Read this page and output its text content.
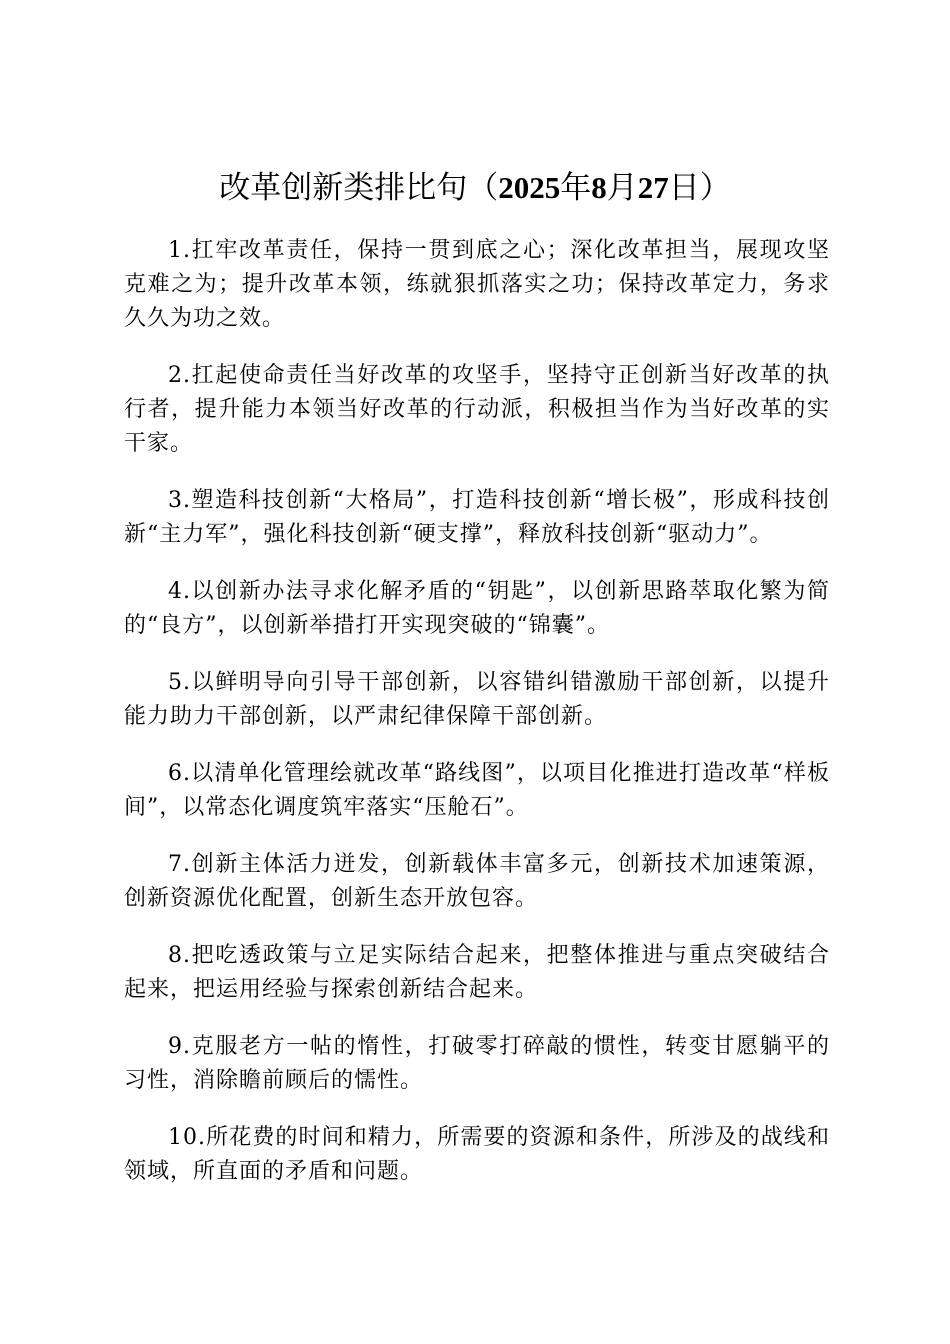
改革创新类排比句（2025年8月27日）

1.扛牢改革责任，保持一贯到底之心；深化改革担当，展现攻坚克难之为；提升改革本领，练就狠抓落实之功；保持改革定力，务求久久为功之效。

2.扛起使命责任当好改革的攻坚手，坚持守正创新当好改革的执行者，提升能力本领当好改革的行动派，积极担当作为当好改革的实干家。

3.塑造科技创新“大格局”，打造科技创新“增长极”，形成科技创新“主力军”，强化科技创新“硬支撑”，释放科技创新“驱动力”。

4.以创新办法寻求化解矛盾的“钥匙”，以创新思路萃取化繁为简的“良方”，以创新举措打开实现突破的“锦囊”。

5.以鲜明导向引导干部创新，以容错纠错激励干部创新，以提升能力助力干部创新，以严肃纪律保障干部创新。

6.以清单化管理绘就改革“路线图”，以项目化推进打造改革“样板间”，以常态化调度筑牢落实“压舱石”。

7.创新主体活力迸发，创新载体丰富多元，创新技术加速策源，创新资源优化配置，创新生态开放包容。

8.把吃透政策与立足实际结合起来，把整体推进与重点突破结合起来，把运用经验与探索创新结合起来。

9.克服老方一帖的惰性，打破零打碎敲的惯性，转变甘愿躺平的习性，消除瞻前顾后的懦性。

10.所花费的时间和精力，所需要的资源和条件，所涉及的战线和领域，所直面的矛盾和问题。
